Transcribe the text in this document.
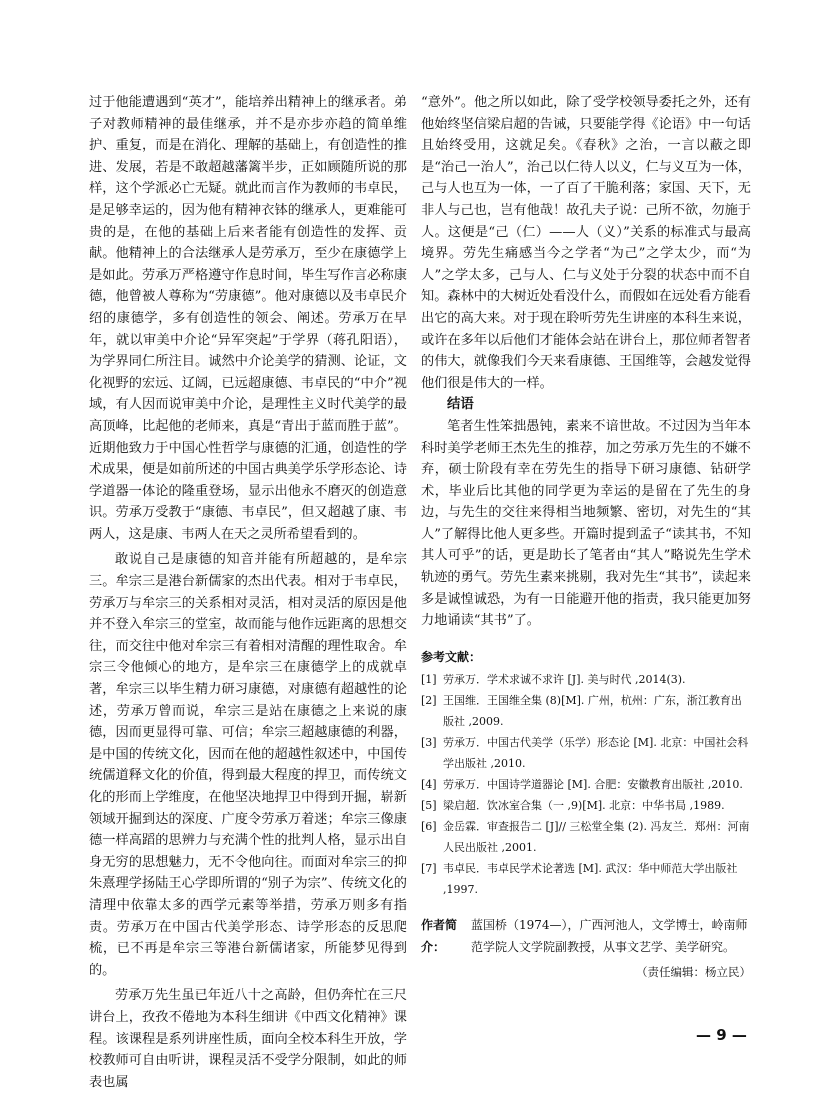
过于他能遭遇到“英才”，能培养出精神上的继承者。弟子对教师精神的最佳继承，并不是亦步亦趋的简单维护、重复，而是在消化、理解的基础上，有创造性的推进、发展，若是不敢超越藩篱半步，正如顾随所说的那样，这个学派必亡无疑。就此而言作为教师的韦卓民，是足够幸运的，因为他有精神衣钵的继承人，更难能可贵的是，在他的基础上后来者能有创造性的发挥、贡献。他精神上的合法继承人是劳承万，至少在康德学上是如此。劳承万严格遵守作息时间，毕生写作言必称康德，他曾被人尊称为“劳康德”。他对康德以及韦卓民介绍的康德学，多有创造性的领会、阐述。劳承万在早年，就以审美中介论“异军突起”于学界（蒋孔阳语），为学界同仁所注目。诚然中介论美学的猜测、论证，文化视野的宏远、辽阔，已远超康德、韦卓民的“中介”视域，有人因而说审美中介论，是理性主义时代美学的最高顶峰，比起他的老师来，真是“青出于蓝而胜于蓝”。近期他致力于中国心性哲学与康德的汇通，创造性的学术成果，便是如前所述的中国古典美学乐学形态论、诗学道器一体论的隆重登场，显示出他永不磨灭的创造意识。劳承万受教于“康德、韦卓民”，但又超越了康、韦两人，这是康、韦两人在天之灵所希望看到的。

敢说自己是康德的知音并能有所超越的，是牟宗三。牟宗三是港台新儒家的杰出代表。相对于韦卓民，劳承万与牟宗三的关系相对灵活，相对灵活的原因是他并不登入牟宗三的堂室，故而能与他作远距离的思想交往，而交往中他对牟宗三有着相对清醒的理性取舍。牟宗三令他倾心的地方，是牟宗三在康德学上的成就卓著，牟宗三以毕生精力研习康德，对康德有超越性的论述，劳承万曾而说，牟宗三是站在康德之上来说的康德，因而更显得可靠、可信；牟宗三超越康德的利器，是中国的传统文化，因而在他的超越性叙述中，中国传统儒道释文化的价值，得到最大程度的捍卫，而传统文化的形而上学维度，在他坚决地捍卫中得到开掘，崭新领域开掘到达的深度、广度令劳承万着迷；牟宗三像康德一样高蹈的思辨力与充满个性的批判人格，显示出自身无穷的思想魅力，无不令他向往。而面对牟宗三的抑朱熹理学扬陆王心学即所谓的“别子为宗”、传统文化的清理中依靠太多的西学元素等举措，劳承万则多有指责。劳承万在中国古代美学形态、诗学形态的反思爬梳，已不再是牟宗三等港台新儒诸家，所能梦见得到的。

劳承万先生虽已年近八十之高龄，但仍奔忙在三尺讲台上，孜孜不倦地为本科生细讲《中西文化精神》课程。该课程是系列讲座性质，面向全校本科生开放，学校教师可自由听讲，课程灵活不受学分限制，如此的师表也属

“意外”。他之所以如此，除了受学校领导委托之外，还有他始终坚信梁启超的告诫，只要能学得《论语》中一句话且始终受用，这就足矣。《春秋》之治，一言以蔽之即是“治己一治人”，治己以仁待人以义，仁与义互为一体，己与人也互为一体，一了百了干脆利落；家国、天下，无非人与己也，岂有他哉！故孔夫子说：己所不欲，勿施于人。这便是“己（仁）——人（义）”关系的标准式与最高境界。劳先生痛感当今之学者“为己”之学太少，而“为人”之学太多，己与人、仁与义处于分裂的状态中而不自知。森林中的大树近处看没什么，而假如在远处看方能看出它的高大来。对于现在聆听劳先生讲座的本科生来说，或许在多年以后他们才能体会站在讲台上，那位师者智者的伟大，就像我们今天来看康德、王国维等，会越发觉得他们很是伟大的一样。

结语

笔者生性笨拙愚钝，素来不谙世故。不过因为当年本科时美学老师王杰先生的推荐，加之劳承万先生的不嫌不弃，硕士阶段有幸在劳先生的指导下研习康德、钻研学术，毕业后比其他的同学更为幸运的是留在了先生的身边，与先生的交往来得相当地频繁、密切，对先生的“其人”了解得比他人更多些。开篇时提到孟子“读其书，不知其人可乎”的话，更是助长了笔者由“其人”略说先生学术轨迹的勇气。劳先生素来挑剔，我对先生“其书”，读起来多是诚惶诚恐，为有一日能避开他的指责，我只能更加努力地诵读“其书”了。

参考文献：
[1] 劳承万．学术求诚不求许 [J]. 美与时代 ,2014(3).
[2] 王国维．王国维全集 (8)[M]. 广州，杭州：广东，浙江教育出版社 ,2009.
[3] 劳承万．中国古代美学（乐学）形态论 [M]. 北京：中国社会科学出版社 ,2010.
[4] 劳承万．中国诗学道器论 [M]. 合肥：安徽教育出版社 ,2010.
[5] 梁启超．饮冰室合集（一 ,9)[M]. 北京：中华书局 ,1989.
[6] 金岳霖．审查报告二 [J]// 三松堂全集 (2). 冯友兰．郑州：河南人民出版社 ,2001.
[7] 韦卓民．韦卓民学术论著选 [M]. 武汉：华中师范大学出版社 ,1997.
作者简介：
蓝国桥（1974—），广西河池人，文学博士，岭南师范学院人文学院副教授，从事文艺学、美学研究。
（责任编辑：杨立民）
— 9 —
